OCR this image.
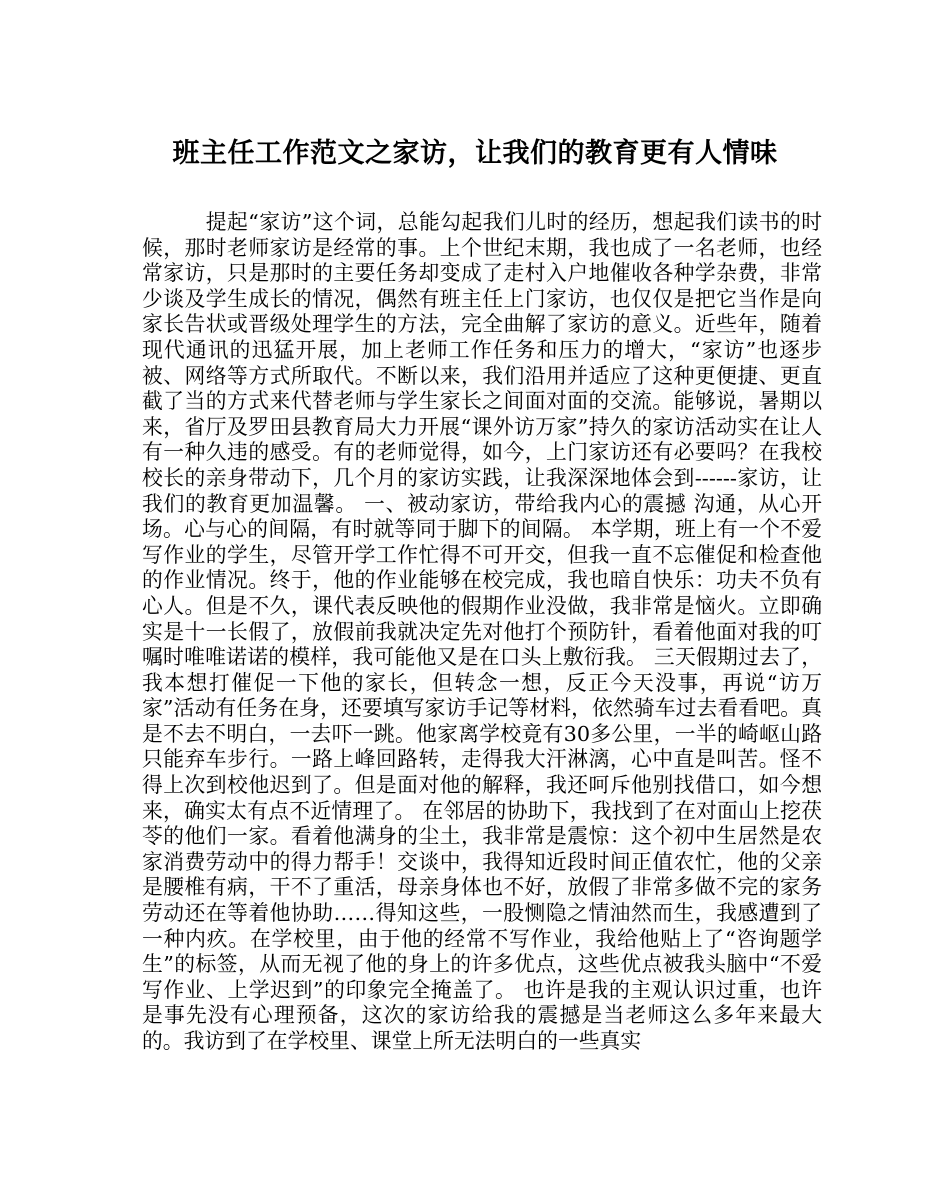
班主任工作范文之家访，让我们的教育更有人情味

　　　提起“家访”这个词，总能勾起我们儿时的经历，想起我们读书的时候，那时老师家访是经常的事。上个世纪末期，我也成了一名老师，也经常家访，只是那时的主要任务却变成了走村入户地催收各种学杂费，非常少谈及学生成长的情况，偶然有班主任上门家访，也仅仅是把它当作是向家长告状或晋级处理学生的方法，完全曲解了家访的意义。近些年，随着现代通讯的迅猛开展，加上老师工作任务和压力的增大，“家访”也逐步被、网络等方式所取代。不断以来，我们沿用并适应了这种更便捷、更直截了当的方式来代替老师与学生家长之间面对面的交流。能够说，暑期以来，省厅及罗田县教育局大力开展“课外访万家”持久的家访活动实在让人有一种久违的感受。有的老师觉得，如今，上门家访还有必要吗？在我校校长的亲身带动下，几个月的家访实践，让我深深地体会到------家访，让我们的教育更加温馨。 一、被动家访，带给我内心的震撼 沟通，从心开场。心与心的间隔，有时就等同于脚下的间隔。 本学期，班上有一个不爱写作业的学生，尽管开学工作忙得不可开交，但我一直不忘催促和检查他的作业情况。终于，他的作业能够在校完成，我也暗自快乐：功夫不负有心人。但是不久，课代表反映他的假期作业没做，我非常是恼火。立即确实是十一长假了，放假前我就决定先对他打个预防针，看着他面对我的叮嘱时唯唯诺诺的模样，我可能他又是在口头上敷衍我。 三天假期过去了，我本想打催促一下他的家长，但转念一想，反正今天没事，再说“访万家”活动有任务在身，还要填写家访手记等材料，依然骑车过去看看吧。真是不去不明白，一去吓一跳。他家离学校竟有30多公里，一半的崎岖山路只能弃车步行。一路上峰回路转，走得我大汗淋漓，心中直是叫苦。怪不得上次到校他迟到了。但是面对他的解释，我还呵斥他别找借口，如今想来，确实太有点不近情理了。 在邻居的协助下，我找到了在对面山上挖茯苓的他们一家。看着他满身的尘土，我非常是震惊：这个初中生居然是农家消费劳动中的得力帮手！交谈中，我得知近段时间正值农忙，他的父亲是腰椎有病，干不了重活，母亲身体也不好，放假了非常多做不完的家务劳动还在等着他协助……得知这些，一股恻隐之情油然而生，我感遭到了一种内疚。在学校里，由于他的经常不写作业，我给他贴上了“咨询题学生”的标签，从而无视了他的身上的许多优点，这些优点被我头脑中“不爱写作业、上学迟到”的印象完全掩盖了。 也许是我的主观认识过重，也许是事先没有心理预备，这次的家访给我的震撼是当老师这么多年来最大的。我访到了在学校里、课堂上所无法明白的一些真实
